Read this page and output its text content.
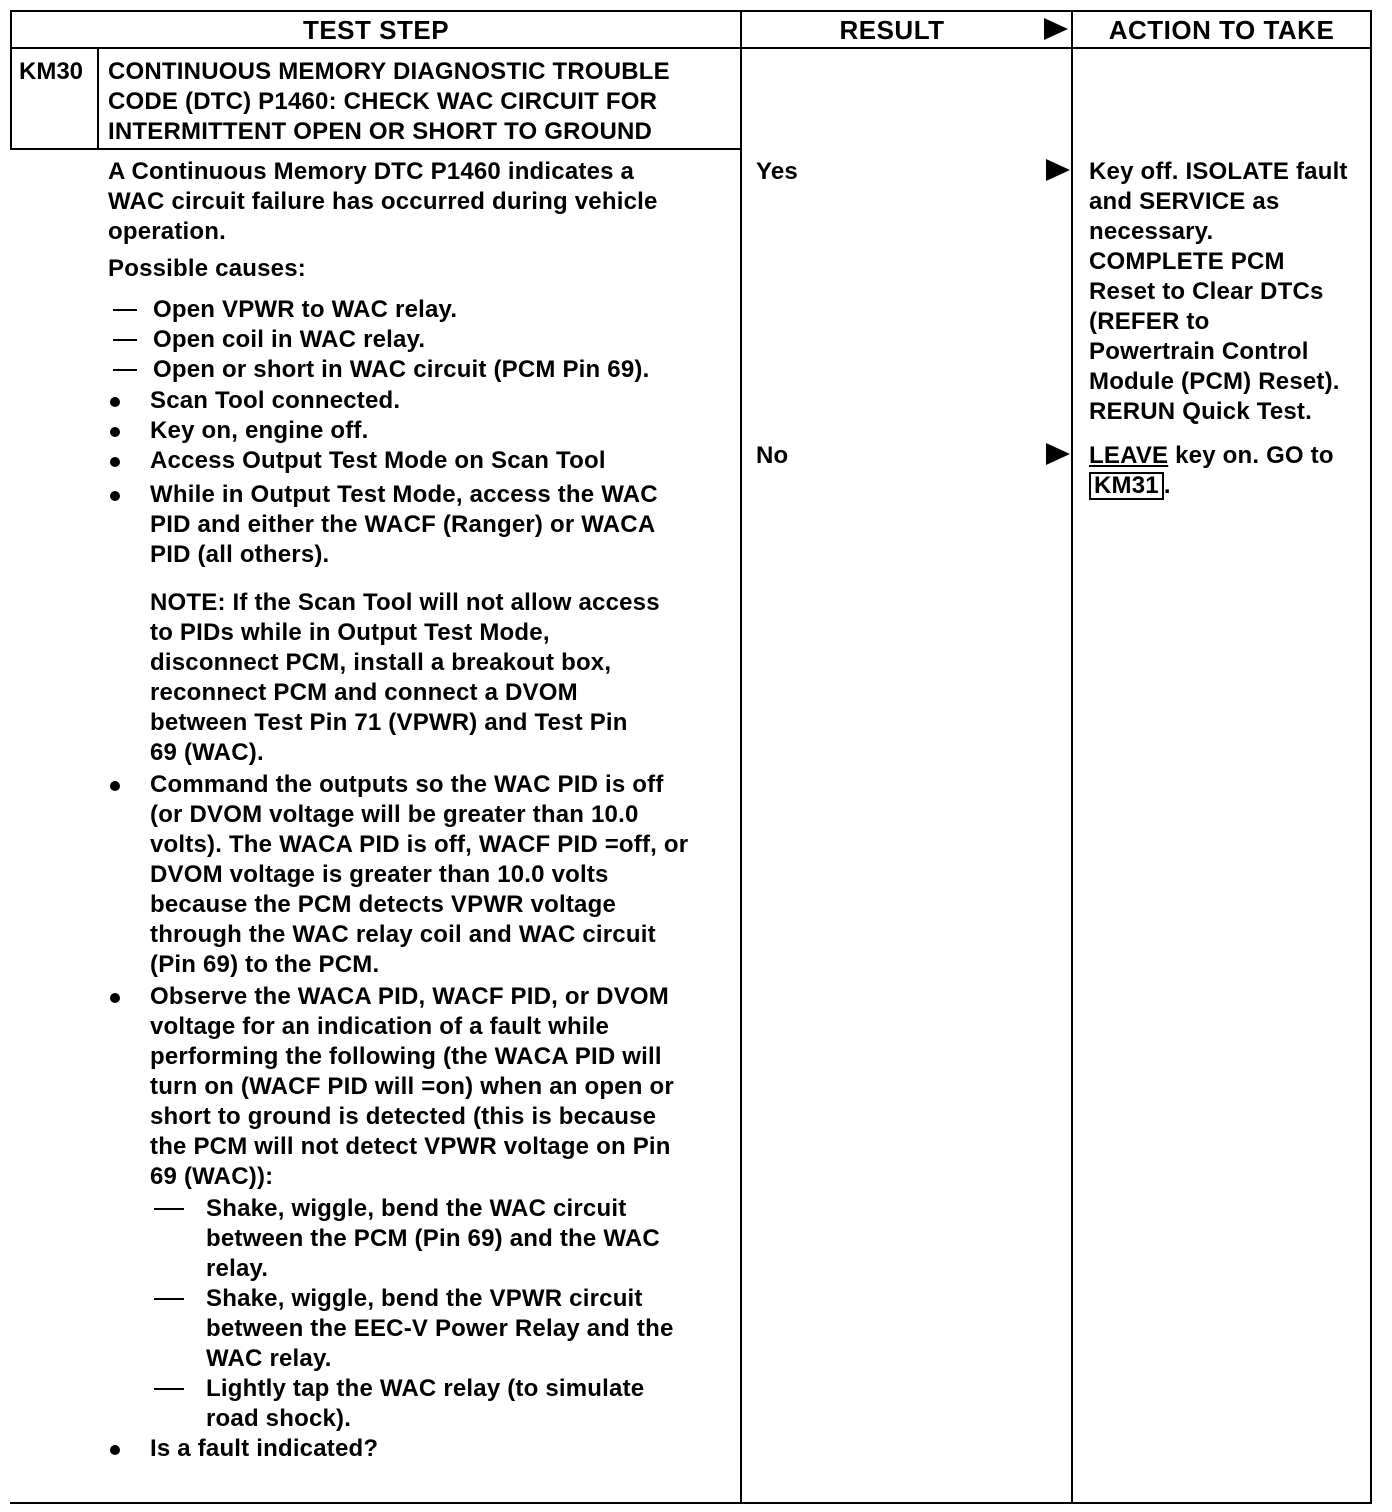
TEST STEP	RESULT	ACTION TO TAKE
KM30 CONTINUOUS MEMORY DIAGNOSTIC TROUBLE
CODE (DTC) P1460: CHECK WAC CIRCUIT FOR
INTERMITTENT OPEN OR SHORT TO GROUND
A Continuous Memory DTC P1460 indicates a
WAC circuit failure has occurred during vehicle
operation.
Possible causes:
Open VPWR to WAC relay.
Open coil in WAC relay.
Open or short in WAC circuit (PCM Pin 69).
Scan Tool connected.
Key on, engine off.
Access Output Test Mode on Scan Tool
While in Output Test Mode, access the WAC
PID and either the WACF (Ranger) or WACA
PID (all others).
NOTE: If the Scan Tool will not allow access
to PIDs while in Output Test Mode,
disconnect PCM, install a breakout box,
reconnect PCM and connect a DVOM
between Test Pin 71 (VPWR) and Test Pin
69 (WAC).
Command the outputs so the WAC PID is off
(or DVOM voltage will be greater than 10.0
volts). The WACA PID is off, WACF PID =off, or
DVOM voltage is greater than 10.0 volts
because the PCM detects VPWR voltage
through the WAC relay coil and WAC circuit
(Pin 69) to the PCM.
Observe the WACA PID, WACF PID, or DVOM
voltage for an indication of a fault while
performing the following (the WACA PID will
turn on (WACF PID will =on) when an open or
short to ground is detected (this is because
the PCM will not detect VPWR voltage on Pin
69 (WAC)):
Shake, wiggle, bend the WAC circuit
between the PCM (Pin 69) and the WAC
relay.
Shake, wiggle, bend the VPWR circuit
between the EEC-V Power Relay and the
WAC relay.
Lightly tap the WAC relay (to simulate
road shock).
Is a fault indicated?
Yes
No
Key off. ISOLATE fault
and SERVICE as
necessary.
COMPLETE PCM
Reset to Clear DTCs
(REFER to
Powertrain Control
Module (PCM) Reset).
RERUN Quick Test.
LEAVE key on. GO to
KM31 .
